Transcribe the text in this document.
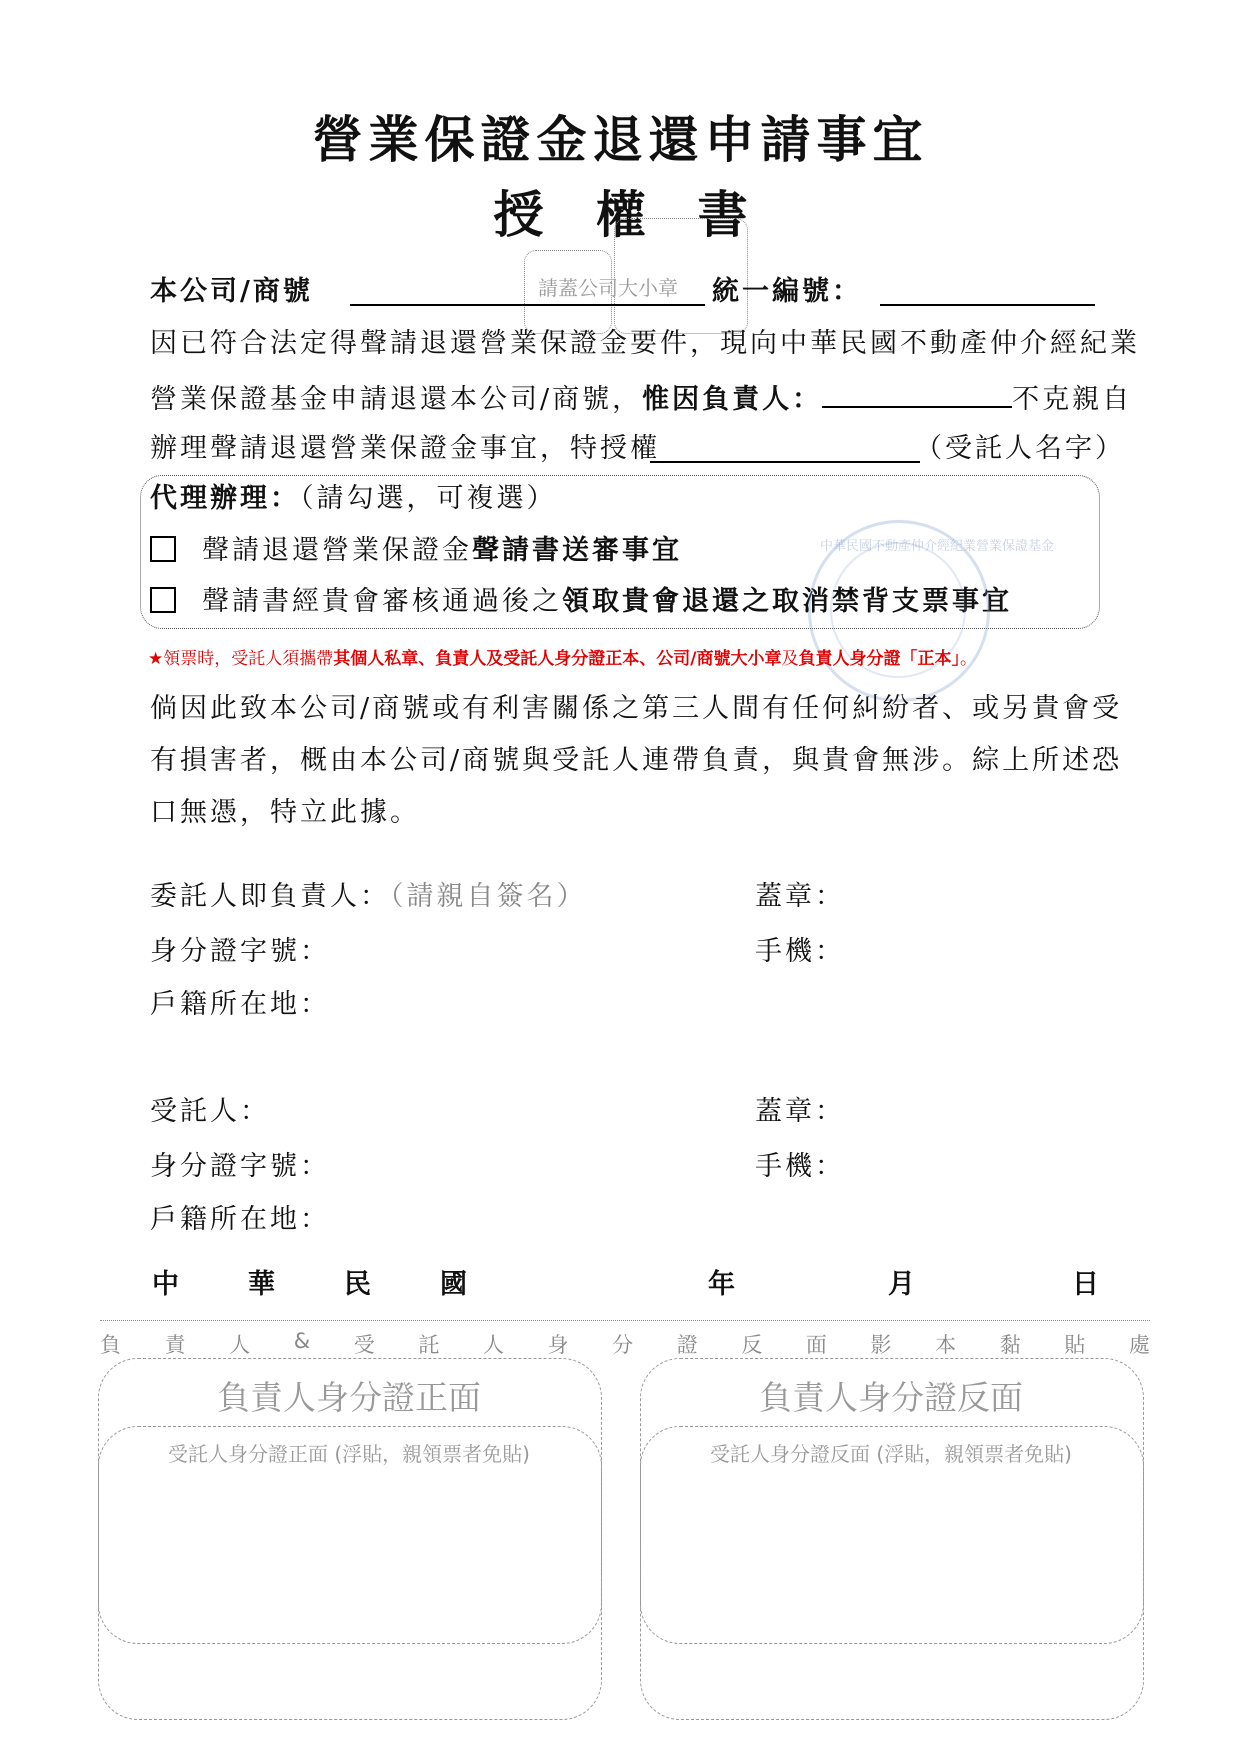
營業保證金退還申請事宜
授權書
請蓋公司大小章
本公司/商號	統一編號：
因已符合法定得聲請退還營業保證金要件，現向中華民國不動產仲介經紀業
營業保證基金申請退還本公司/商號，惟因負責人：	不克親自
辦理聲請退還營業保證金事宜，特授權	（受託人名字）
代理辦理：（請勾選，可複選）
聲請退還營業保證金聲請書送審事宜
聲請書經貴會審核通過後之領取貴會退還之取消禁背支票事宜
中華民國不動產仲介經紀業營業保證基金
★領票時，受託人須攜帶其個人私章、負責人及受託人身分證正本、公司/商號大小章及負責人身分證「正本」。
倘因此致本公司/商號或有利害關係之第三人間有任何糾紛者、或另貴會受
有損害者，概由本公司/商號與受託人連帶負責，與貴會無涉。綜上所述恐
口無憑，特立此據。
委託人即負責人：（請親自簽名）	蓋章：
身分證字號：	手機：
戶籍所在地：
受託人：	蓋章：
身分證字號：	手機：
戶籍所在地：
中	華	民	國	年	月	日
負 責 人 & 受 託 人 身 分 證 反 面 影 本 黏 貼 處
負責人身分證正面
受託人身分證正面 (浮貼，親領票者免貼)
負責人身分證反面
受託人身分證反面 (浮貼，親領票者免貼)
